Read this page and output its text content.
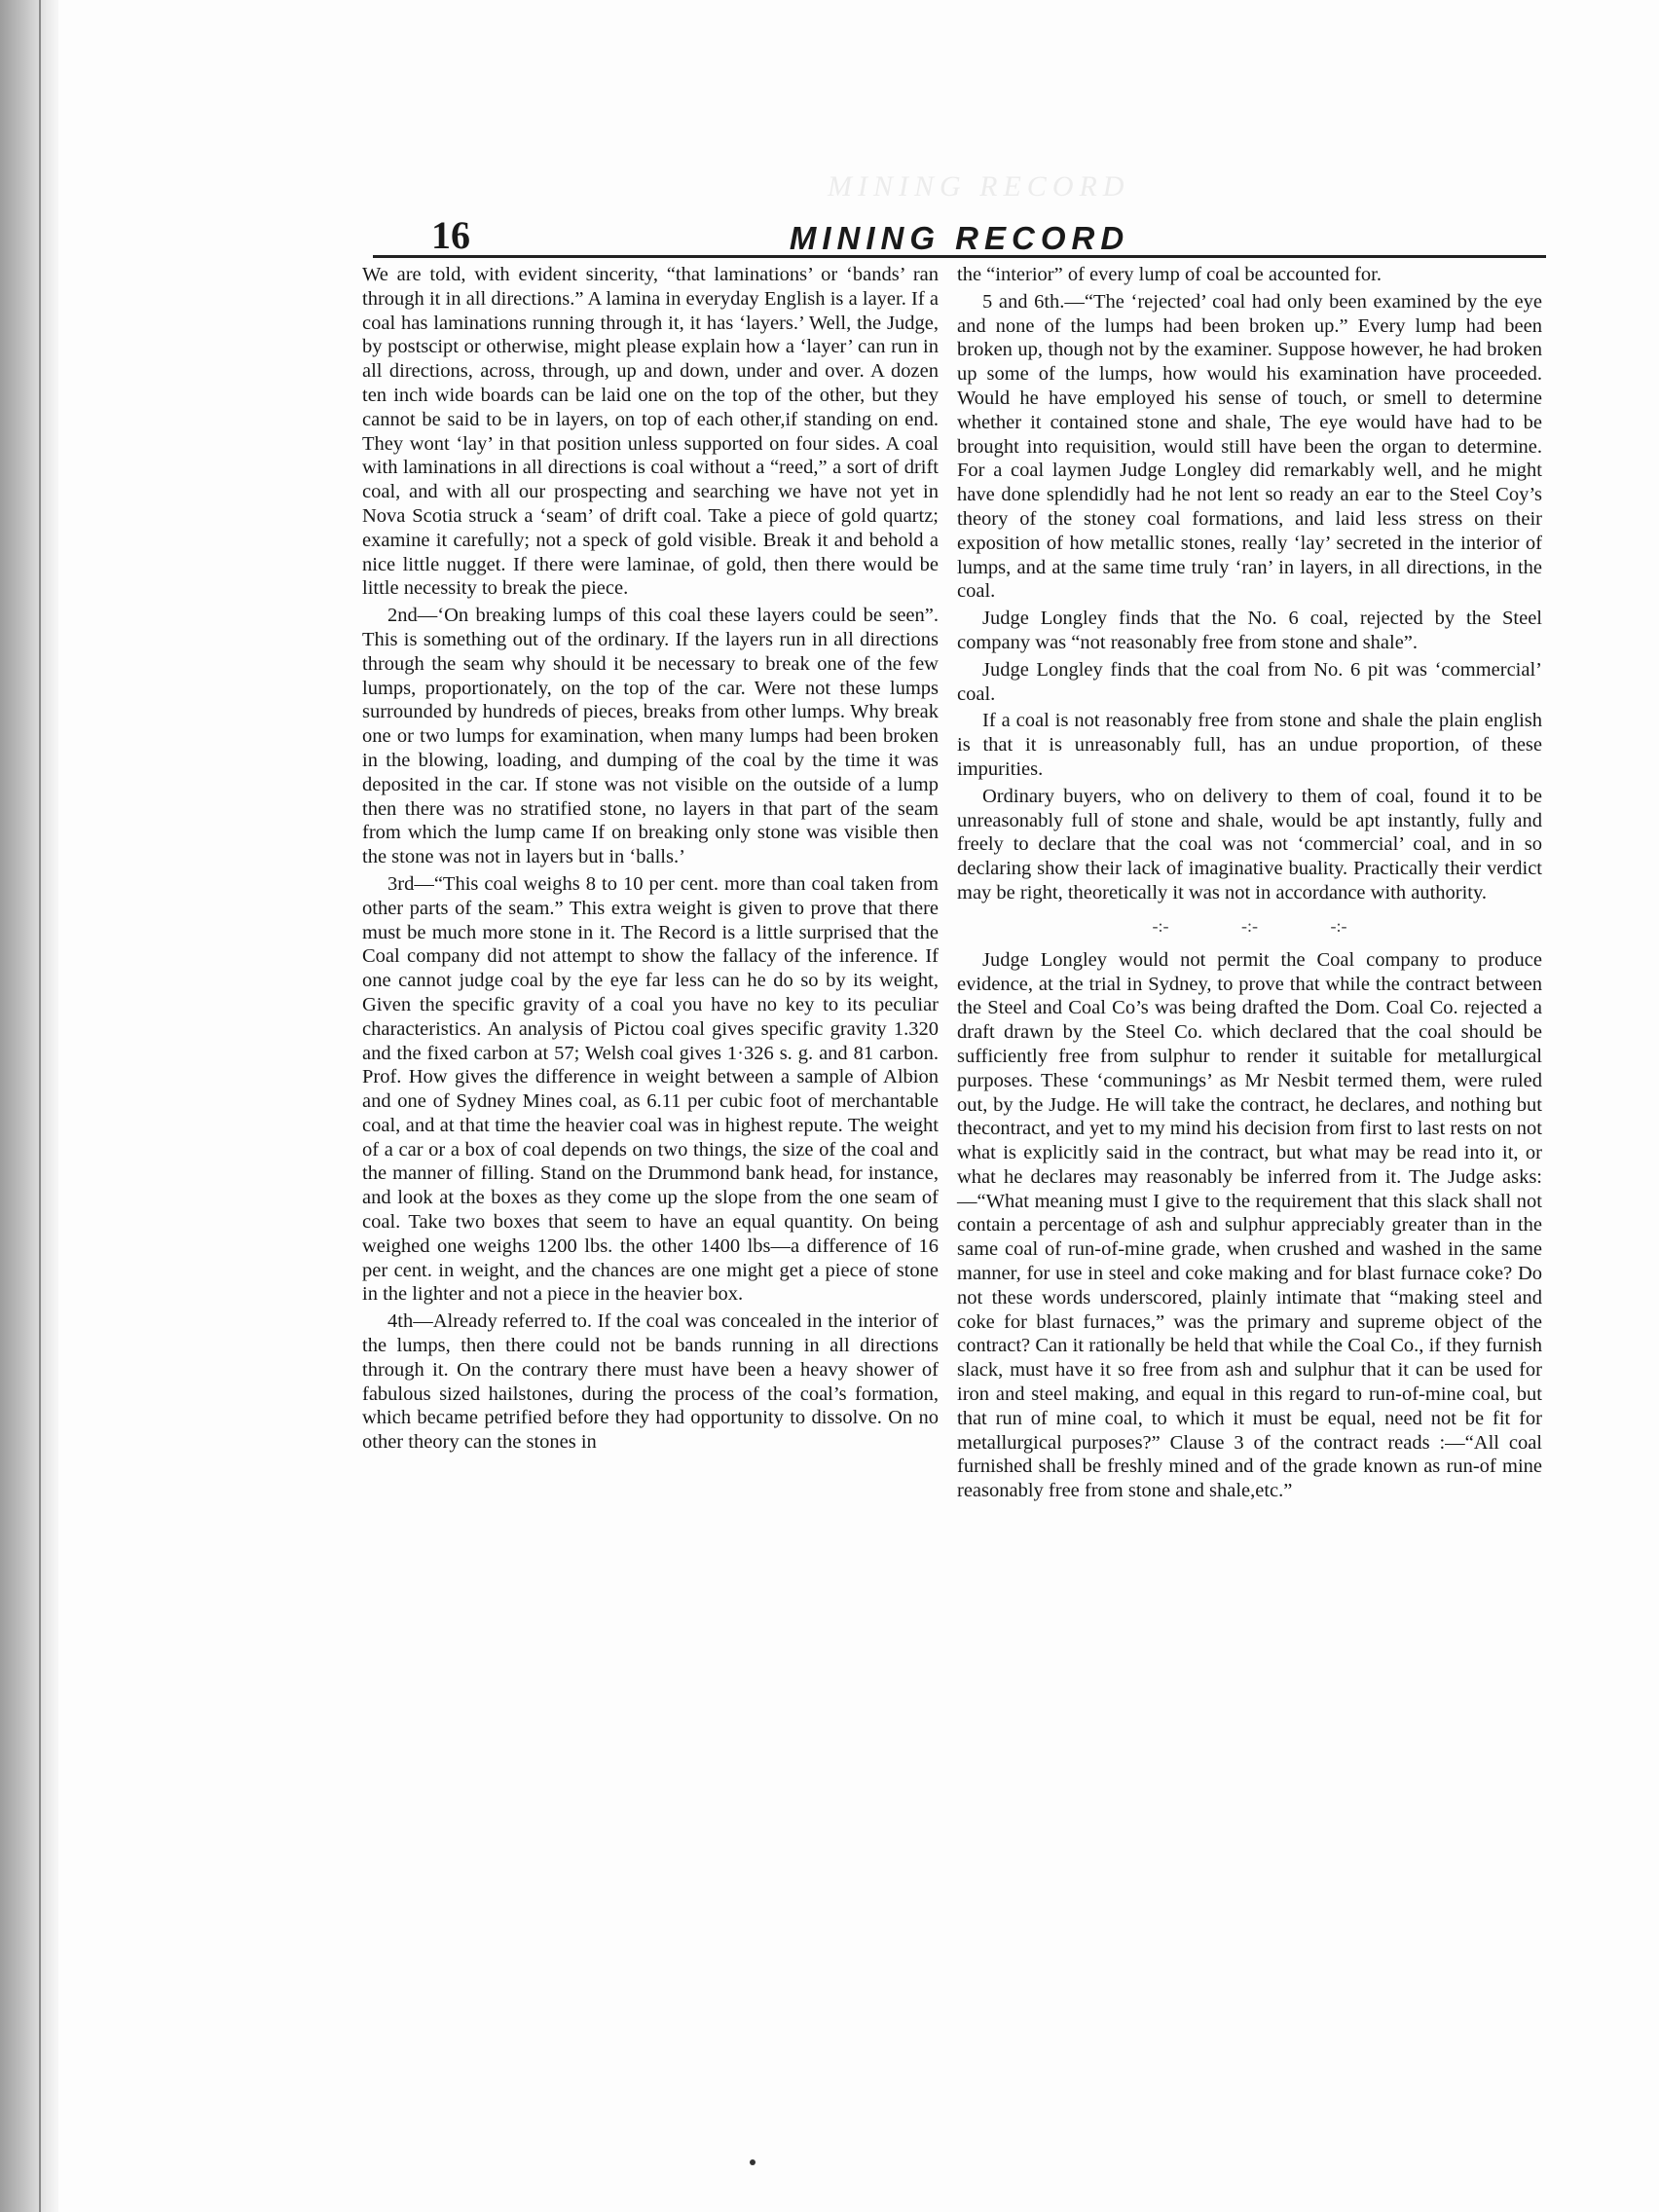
MINING RECORD
16	MINING RECORD

We are told, with evident sincerity, “that laminations’ or ‘bands’ ran through it in all directions.” A lamina in everyday English is a layer. If a coal has laminations running through it, it has ‘layers.’ Well, the Judge, by postscipt or otherwise, might please explain how a ‘layer’ can run in all directions, across, through, up and down, under and over. A dozen ten inch wide boards can be laid one on the top of the other, but they cannot be said to be in layers, on top of each other,if standing on end. They wont ‘lay’ in that position unless supported on four sides. A coal with laminations in all directions is coal without a “reed,” a sort of drift coal, and with all our prospecting and searching we have not yet in Nova Scotia struck a ‘seam’ of drift coal. Take a piece of gold quartz; examine it carefully; not a speck of gold visible. Break it and behold a nice little nugget. If there were laminae, of gold, then there would be little necessity to break the piece.

2nd—‘On breaking lumps of this coal these layers could be seen”. This is something out of the ordinary. If the layers run in all directions through the seam why should it be necessary to break one of the few lumps, proportionately, on the top of the car. Were not these lumps surrounded by hundreds of pieces, breaks from other lumps. Why break one or two lumps for examination, when many lumps had been broken in the blowing, loading, and dumping of the coal by the time it was deposited in the car. If stone was not visible on the outside of a lump then there was no stratified stone, no layers in that part of the seam from which the lump came If on breaking only stone was visible then the stone was not in layers but in ‘balls.’

3rd—“This coal weighs 8 to 10 per cent. more than coal taken from other parts of the seam.” This extra weight is given to prove that there must be much more stone in it. The Record is a little surprised that the Coal company did not attempt to show the fallacy of the inference. If one cannot judge coal by the eye far less can he do so by its weight, Given the specific gravity of a coal you have no key to its peculiar characteristics. An analysis of Pictou coal gives specific gravity 1.320 and the fixed carbon at 57; Welsh coal gives 1·326 s. g. and 81 carbon. Prof. How gives the difference in weight between a sample of Albion and one of Sydney Mines coal, as 6.11 per cubic foot of merchantable coal, and at that time the heavier coal was in highest repute. The weight of a car or a box of coal depends on two things, the size of the coal and the manner of filling. Stand on the Drummond bank head, for instance, and look at the boxes as they come up the slope from the one seam of coal. Take two boxes that seem to have an equal quantity. On being weighed one weighs 1200 lbs. the other 1400 lbs—a difference of 16 per cent. in weight, and the chances are one might get a piece of stone in the lighter and not a piece in the heavier box.

4th—Already referred to. If the coal was concealed in the interior of the lumps, then there could not be bands running in all directions through it. On the contrary there must have been a heavy shower of fabulous sized hailstones, during the process of the coal’s formation, which became petrified before they had opportunity to dissolve. On no other theory can the stones in

the “interior” of every lump of coal be accounted for.

5 and 6th.—“The ‘rejected’ coal had only been examined by the eye and none of the lumps had been broken up.” Every lump had been broken up, though not by the examiner. Suppose however, he had broken up some of the lumps, how would his examination have proceeded. Would he have employed his sense of touch, or smell to determine whether it contained stone and shale, The eye would have had to be brought into requisition, would still have been the organ to determine. For a coal laymen Judge Longley did remarkably well, and he might have done splendidly had he not lent so ready an ear to the Steel Coy’s theory of the stoney coal formations, and laid less stress on their exposition of how metallic stones, really ‘lay’ secreted in the interior of lumps, and at the same time truly ‘ran’ in layers, in all directions, in the coal.

Judge Longley finds that the No. 6 coal, rejected by the Steel company was “not reasonably free from stone and shale”.

Judge Longley finds that the coal from No. 6 pit was ‘commercial’ coal.

If a coal is not reasonably free from stone and shale the plain english is that it is unreasonably full, has an undue proportion, of these impurities.

Ordinary buyers, who on delivery to them of coal, found it to be unreasonably full of stone and shale, would be apt instantly, fully and freely to declare that the coal was not ‘commercial’ coal, and in so declaring show their lack of imaginative buality. Practically their verdict may be right, theoretically it was not in accordance with authority.

-:- -:- -:-

Judge Longley would not permit the Coal company to produce evidence, at the trial in Sydney, to prove that while the contract between the Steel and Coal Co’s was being drafted the Dom. Coal Co. rejected a draft drawn by the Steel Co. which declared that the coal should be sufficiently free from sulphur to render it suitable for metallurgical purposes. These ‘communings’ as Mr Nesbit termed them, were ruled out, by the Judge. He will take the contract, he declares, and nothing but thecontract, and yet to my mind his decision from first to last rests on not what is explicitly said in the contract, but what may be read into it, or what he declares may reasonably be inferred from it. The Judge asks:—“What meaning must I give to the requirement that this slack shall not contain a percentage of ash and sulphur appreciably greater than in the same coal of run-of-mine grade, when crushed and washed in the same manner, for use in steel and coke making and for blast furnace coke? Do not these words underscored, plainly intimate that “making steel and coke for blast furnaces,” was the primary and supreme object of the contract? Can it rationally be held that while the Coal Co., if they furnish slack, must have it so free from ash and sulphur that it can be used for iron and steel making, and equal in this regard to run-of-mine coal, but that run of mine coal, to which it must be equal, need not be fit for metallurgical purposes?” Clause 3 of the contract reads :—“All coal furnished shall be freshly mined and of the grade known as run-of mine reasonably free from stone and shale,etc.”
